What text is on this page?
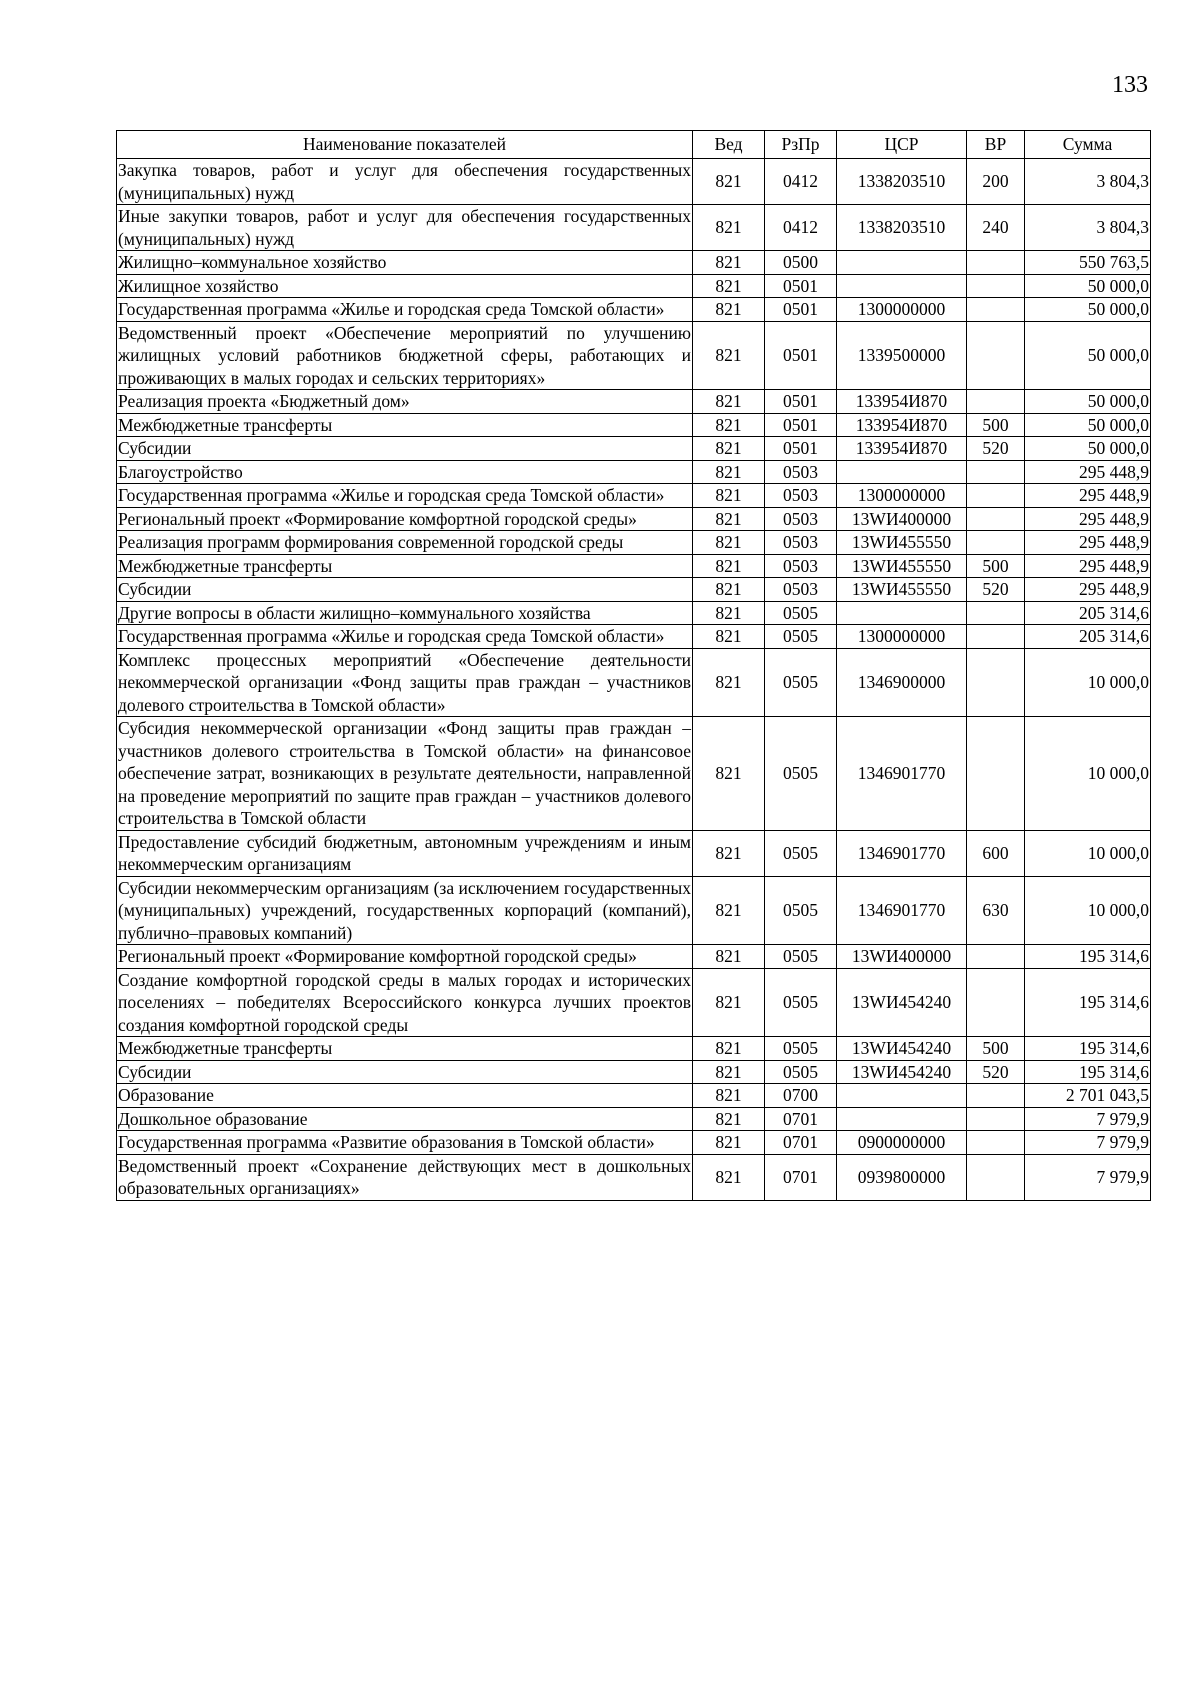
133
Наименование показателей	Вед	РзПр	ЦСР	ВР	Сумма
Закупка товаров, работ и услуг для обеспечения государственных (муниципальных) нужд	821	0412	1338203510	200	3 804,3
Иные закупки товаров, работ и услуг для обеспечения государственных (муниципальных) нужд	821	0412	1338203510	240	3 804,3
Жилищно–коммунальное хозяйство	821	0500			550 763,5
Жилищное хозяйство	821	0501			50 000,0
Государственная программа «Жилье и городская среда Томской области»	821	0501	1300000000		50 000,0
Ведомственный проект «Обеспечение мероприятий по улучшению жилищных условий работников бюджетной сферы, работающих и проживающих в малых городах и сельских территориях»	821	0501	1339500000		50 000,0
Реализация проекта «Бюджетный дом»	821	0501	133954И870		50 000,0
Межбюджетные трансферты	821	0501	133954И870	500	50 000,0
Субсидии	821	0501	133954И870	520	50 000,0
Благоустройство	821	0503			295 448,9
Государственная программа «Жилье и городская среда Томской области»	821	0503	1300000000		295 448,9
Региональный проект «Формирование комфортной городской среды»	821	0503	13WИ400000		295 448,9
Реализация программ формирования современной городской среды	821	0503	13WИ455550		295 448,9
Межбюджетные трансферты	821	0503	13WИ455550	500	295 448,9
Субсидии	821	0503	13WИ455550	520	295 448,9
Другие вопросы в области жилищно–коммунального хозяйства	821	0505			205 314,6
Государственная программа «Жилье и городская среда Томской области»	821	0505	1300000000		205 314,6
Комплекс процессных мероприятий «Обеспечение деятельности некоммерческой организации «Фонд защиты прав граждан – участников долевого строительства в Томской области»	821	0505	1346900000		10 000,0
Субсидия некоммерческой организации «Фонд защиты прав граждан – участников долевого строительства в Томской области» на финансовое обеспечение затрат, возникающих в результате деятельности, направленной на проведение мероприятий по защите прав граждан – участников долевого строительства в Томской области	821	0505	1346901770		10 000,0
Предоставление субсидий бюджетным, автономным учреждениям и иным некоммерческим организациям	821	0505	1346901770	600	10 000,0
Субсидии некоммерческим организациям (за исключением государственных (муниципальных) учреждений, государственных корпораций (компаний), публично–правовых компаний)	821	0505	1346901770	630	10 000,0
Региональный проект «Формирование комфортной городской среды»	821	0505	13WИ400000		195 314,6
Создание комфортной городской среды в малых городах и исторических поселениях – победителях Всероссийского конкурса лучших проектов создания комфортной городской среды	821	0505	13WИ454240		195 314,6
Межбюджетные трансферты	821	0505	13WИ454240	500	195 314,6
Субсидии	821	0505	13WИ454240	520	195 314,6
Образование	821	0700			2 701 043,5
Дошкольное образование	821	0701			7 979,9
Государственная программа «Развитие образования в Томской области»	821	0701	0900000000		7 979,9
Ведомственный проект «Сохранение действующих мест в дошкольных образовательных организациях»	821	0701	0939800000		7 979,9
